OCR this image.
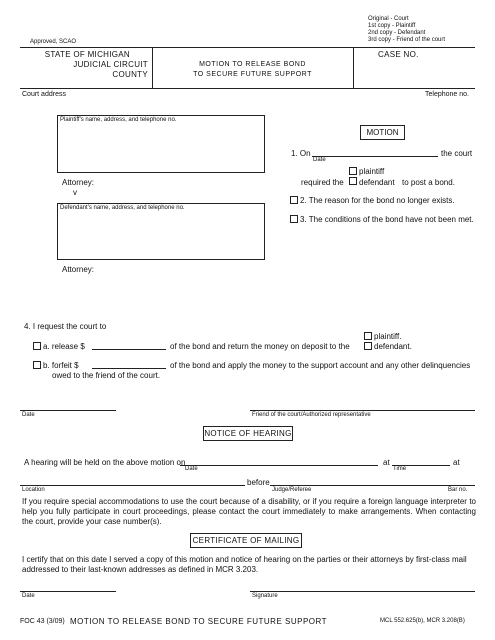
Original - Court
1st copy - Plaintiff
2nd copy - Defendant
3rd copy - Friend of the court
Approved, SCAO
STATE OF MICHIGAN
JUDICIAL CIRCUIT
COUNTY
MOTION TO RELEASE BOND
TO SECURE FUTURE SUPPORT
CASE NO.
Court address	Telephone no.
Plaintiff's name, address, and telephone no.
Attorney:
v
Defendant's name, address, and telephone no.
Attorney:
MOTION
1. On
Date
the court
plaintiff
required the defendant to post a bond.
2. The reason for the bond no longer exists.
3. The conditions of the bond have not been met.
4. I request the court to
a. release $	of the bond and return the money on deposit to the
plaintiff.
defendant.
b. forfeit $	of the bond and apply the money to the support account and any other delinquencies
owed to the friend of the court.
Date	Friend of the court/Authorized representative
NOTICE OF HEARING
A hearing will be held on the above motion on
Date
at
Time
at
Location
before
Judge/Referee	Bar no.
If you require special accommodations to use the court because of a disability, or if you require a foreign language interpreter to help you fully participate in court proceedings, please contact the court immediately to make arrangements. When contacting the court, provide your case number(s).
CERTIFICATE OF MAILING
I certify that on this date I served a copy of this motion and notice of hearing on the parties or their attorneys by first-class mail addressed to their last-known addresses as defined in MCR 3.203.
Date	Signature
FOC 43 (3/09) MOTION TO RELEASE BOND TO SECURE FUTURE SUPPORT	MCL 552.625(b), MCR 3.208(B)
